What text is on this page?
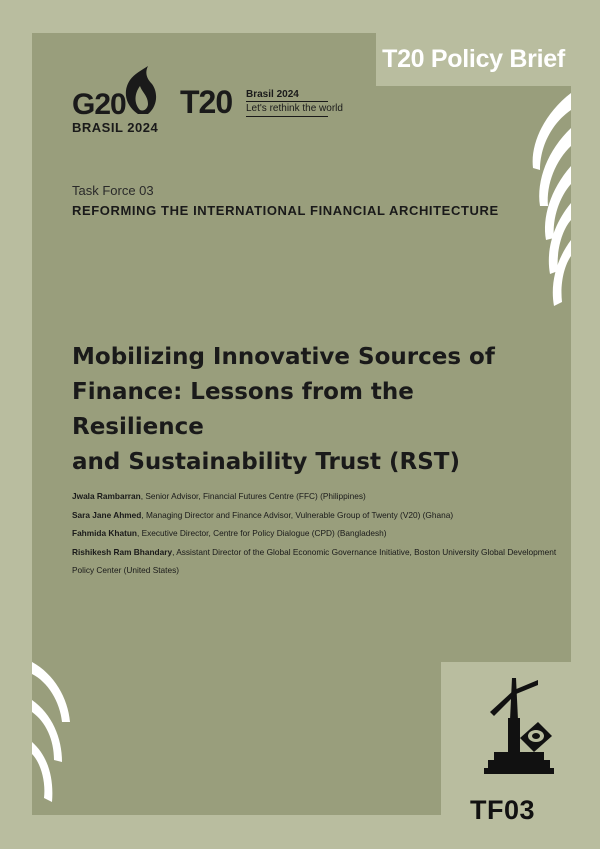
T20 Policy Brief
G20
BRASIL 2024
T20 Brasil 2024
Let's rethink the world
Task Force 03
REFORMING THE INTERNATIONAL FINANCIAL ARCHITECTURE
Mobilizing Innovative Sources of
Finance: Lessons from the Resilience
and Sustainability Trust (RST)
Jwala Rambarran, Senior Advisor, Financial Futures Centre (FFC) (Philippines)
Sara Jane Ahmed, Managing Director and Finance Advisor, Vulnerable Group of Twenty (V20) (Ghana)
Fahmida Khatun, Executive Director, Centre for Policy Dialogue (CPD) (Bangladesh)
Rishikesh Ram Bhandary, Assistant Director of the Global Economic Governance Initiative, Boston University Global Development
Policy Center (United States)
TF03
